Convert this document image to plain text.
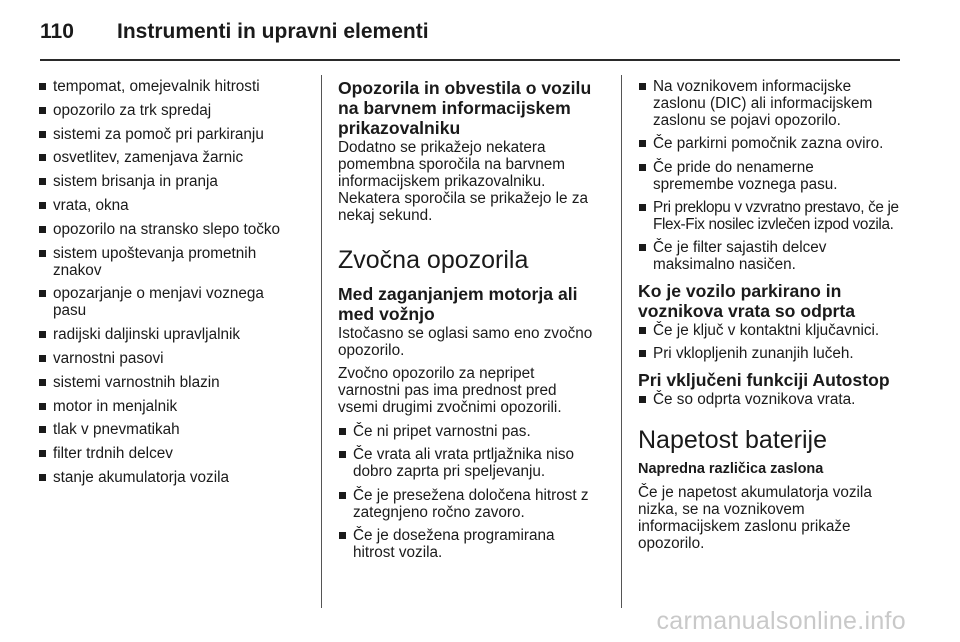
110	Instrumenti in upravni elementi
tempomat, omejevalnik hitrosti
opozorilo za trk spredaj
sistemi za pomoč pri parkiranju
osvetlitev, zamenjava žarnic
sistem brisanja in pranja
vrata, okna
opozorilo na stransko slepo točko
sistem upoštevanja prometnih znakov
opozarjanje o menjavi voznega pasu
radijski daljinski upravljalnik
varnostni pasovi
sistemi varnostnih blazin
motor in menjalnik
tlak v pnevmatikah
filter trdnih delcev
stanje akumulatorja vozila
Opozorila in obvestila o vozilu na barvnem informacijskem prikazovalniku

Dodatno se prikažejo nekatera pomembna sporočila na barvnem informacijskem prikazovalniku. Nekatera sporočila se prikažejo le za nekaj sekund.

Zvočna opozorila
Med zaganjanjem motorja ali med vožnjo

Istočasno se oglasi samo eno zvočno opozorilo.

Zvočno opozorilo za nepripet varnostni pas ima prednost pred vsemi drugimi zvočnimi opozorili.

Če ni pripet varnostni pas.
Če vrata ali vrata prtljažnika niso dobro zaprta pri speljevanju.
Če je presežena določena hitrost z zategnjeno ročno zavoro.
Če je dosežena programirana hitrost vozila.
Na voznikovem informacijske zaslonu (DIC) ali informacijskem zaslonu se pojavi opozorilo.
Če parkirni pomočnik zazna oviro.
Če pride do nenamerne spremembe voznega pasu.
Pri preklopu v vzvratno prestavo, če je Flex-Fix nosilec izvlečen izpod vozila.
Če je filter sajastih delcev maksimalno nasičen.
Ko je vozilo parkirano in voznikova vrata so odprta
Če je ključ v kontaktni ključavnici.
Pri vklopljenih zunanjih lučeh.
Pri vključeni funkciji Autostop
Če so odprta voznikova vrata.
Napetost baterije
Napredna različica zaslona

Če je napetost akumulatorja vozila nizka, se na voznikovem informacijskem zaslonu prikaže opozorilo.

carmanualsonline.info
